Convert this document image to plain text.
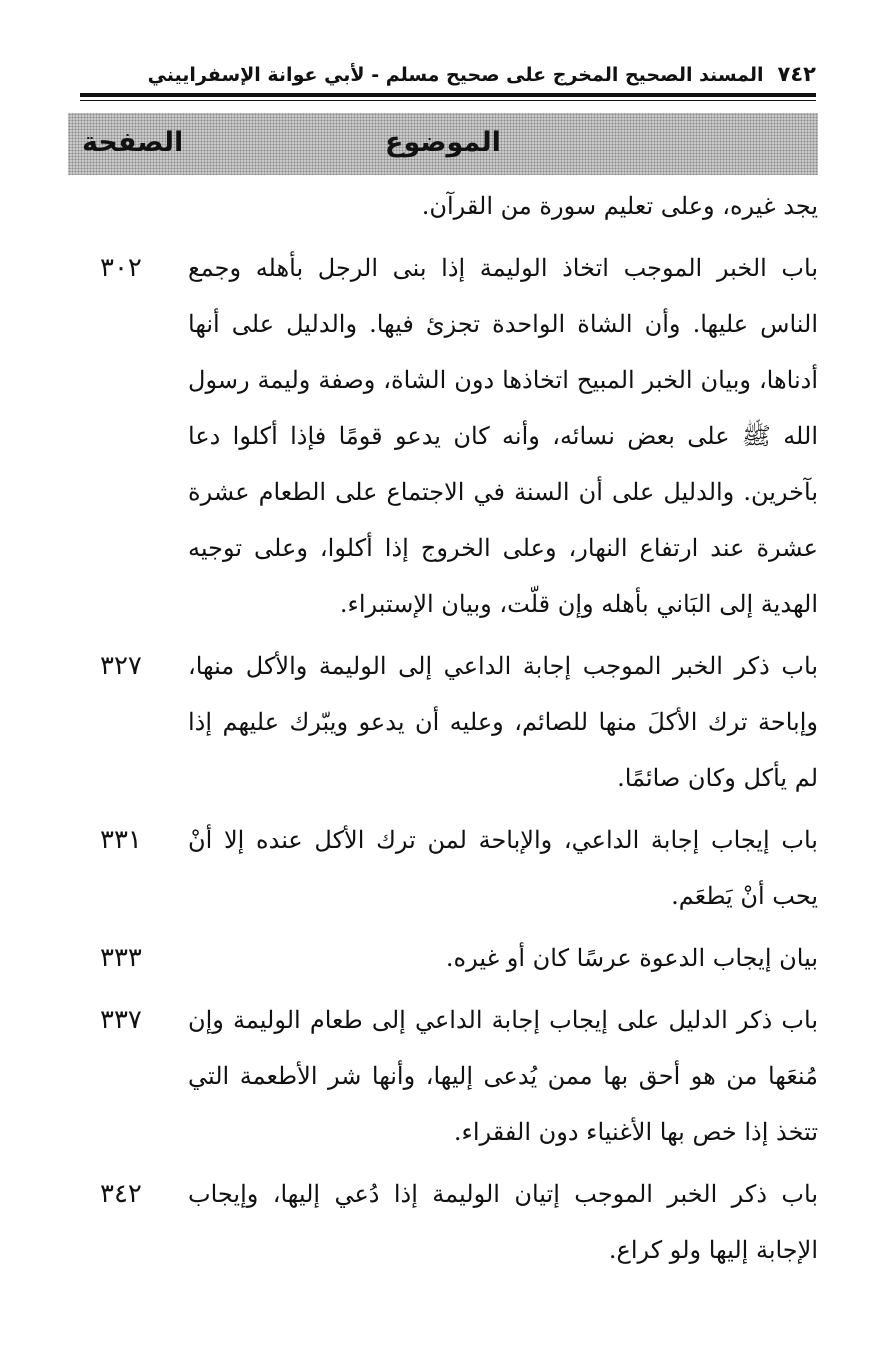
٧٤٢المسند الصحيح المخرج على صحيح مسلم - لأبي عوانة الإسفراييني
الموضوع
الصفحة
يجد غيره، وعلى تعليم سورة من القرآن.
باب الخبر الموجب اتخاذ الوليمة إذا بنى الرجل بأهله وجمع الناس عليها. وأن الشاة الواحدة تجزئ فيها. والدليل على أنها أدناها، وبيان الخبر المبيح اتخاذها دون الشاة، وصفة وليمة رسول الله ﷺ على بعض نسائه، وأنه كان يدعو قومًا فإذا أكلوا دعا بآخرين. والدليل على أن السنة في الاجتماع على الطعام عشرة عشرة عند ارتفاع النهار، وعلى الخروج إذا أكلوا، وعلى توجيه الهدية إلى البَاني بأهله وإن قلّت، وبيان الإستبراء.
٣٠٢
باب ذكر الخبر الموجب إجابة الداعي إلى الوليمة والأكل منها، وإباحة ترك الأكلَ منها للصائم، وعليه أن يدعو ويبّرك عليهم إذا لم يأكل وكان صائمًا.
٣٢٧
باب إيجاب إجابة الداعي، والإباحة لمن ترك الأكل عنده إلا أنْ يحب أنْ يَطعَم.
٣٣١
بيان إيجاب الدعوة عرسًا كان أو غيره.
٣٣٣
باب ذكر الدليل على إيجاب إجابة الداعي إلى طعام الوليمة وإن مُنعَها من هو أحق بها ممن يُدعى إليها، وأنها شر الأطعمة التي تتخذ إذا خص بها الأغنياء دون الفقراء.
٣٣٧
باب ذكر الخبر الموجب إتيان الوليمة إذا دُعي إليها، وإيجاب الإجابة إليها ولو كراع.
٣٤٢
